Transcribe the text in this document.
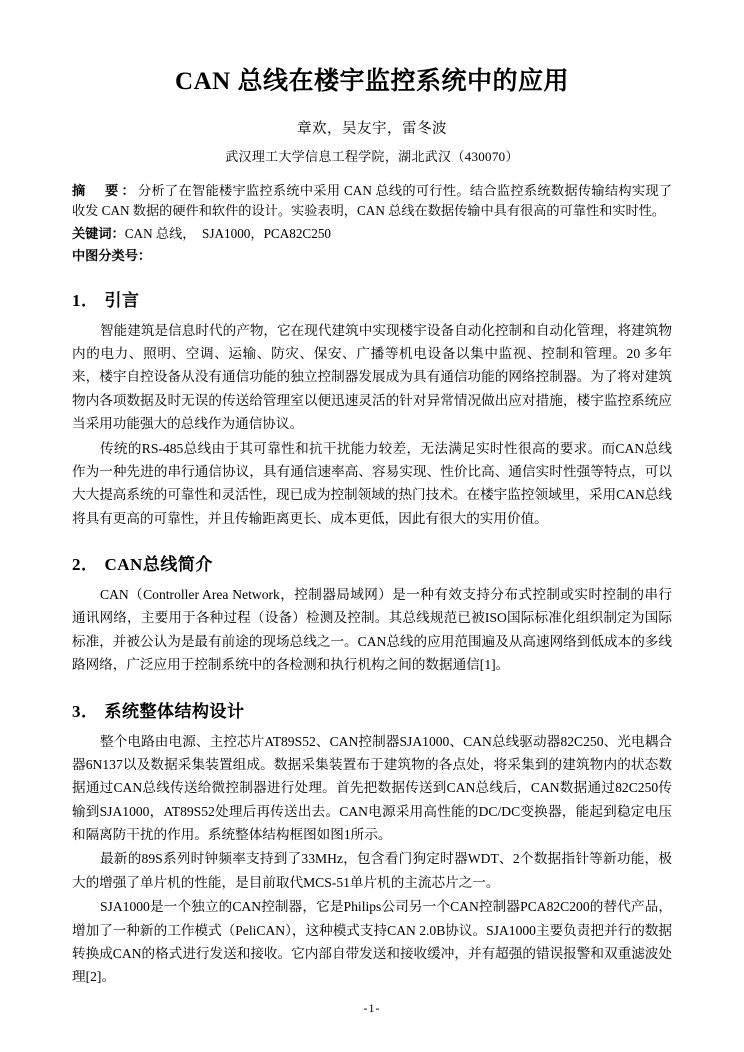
CAN 总线在楼宇监控系统中的应用
章欢，吴友宇，雷冬波
武汉理工大学信息工程学院，湖北武汉（430070）
摘　要：分析了在智能楼宇监控系统中采用 CAN 总线的可行性。结合监控系统数据传输结构实现了收发 CAN 数据的硬件和软件的设计。实验表明，CAN 总线在数据传输中具有很高的可靠性和实时性。
关键词：CAN 总线，　SJA1000，PCA82C250
中图分类号：
1． 引言

智能建筑是信息时代的产物，它在现代建筑中实现楼宇设备自动化控制和自动化管理，将建筑物内的电力、照明、空调、运输、防灾、保安、广播等机电设备以集中监视、控制和管理。20 多年来，楼宇自控设备从没有通信功能的独立控制器发展成为具有通信功能的网络控制器。为了将对建筑物内各项数据及时无误的传送给管理室以便迅速灵活的针对异常情况做出应对措施，楼宇监控系统应当采用功能强大的总线作为通信协议。

传统的RS-485总线由于其可靠性和抗干扰能力较差，无法满足实时性很高的要求。而CAN总线作为一种先进的串行通信协议，具有通信速率高、容易实现、性价比高、通信实时性强等特点，可以大大提高系统的可靠性和灵活性，现已成为控制领域的热门技术。在楼宇监控领域里，采用CAN总线将具有更高的可靠性，并且传输距离更长、成本更低，因此有很大的实用价值。

2． CAN总线简介

CAN（Controller Area Network，控制器局域网）是一种有效支持分布式控制或实时控制的串行通讯网络，主要用于各种过程（设备）检测及控制。其总线规范已被ISO国际标准化组织制定为国际标准，并被公认为是最有前途的现场总线之一。CAN总线的应用范围遍及从高速网络到低成本的多线路网络，广泛应用于控制系统中的各检测和执行机构之间的数据通信[1]。

3． 系统整体结构设计

整个电路由电源、主控芯片AT89S52、CAN控制器SJA1000、CAN总线驱动器82C250、光电耦合器6N137以及数据采集装置组成。数据采集装置布于建筑物的各点处，将采集到的建筑物内的状态数据通过CAN总线传送给微控制器进行处理。首先把数据传送到CAN总线后，CAN数据通过82C250传输到SJA1000，AT89S52处理后再传送出去。CAN电源采用高性能的DC/DC变换器，能起到稳定电压和隔离防干扰的作用。系统整体结构框图如图1所示。

最新的89S系列时钟频率支持到了33MHz，包含看门狗定时器WDT、2个数据指针等新功能，极大的增强了单片机的性能，是目前取代MCS-51单片机的主流芯片之一。

SJA1000是一个独立的CAN控制器，它是Philips公司另一个CAN控制器PCA82C200的替代产品，增加了一种新的工作模式（PeliCAN），这种模式支持CAN 2.0B协议。SJA1000主要负责把并行的数据转换成CAN的格式进行发送和接收。它内部自带发送和接收缓冲，并有超强的错误报警和双重滤波处理[2]。

-1-
